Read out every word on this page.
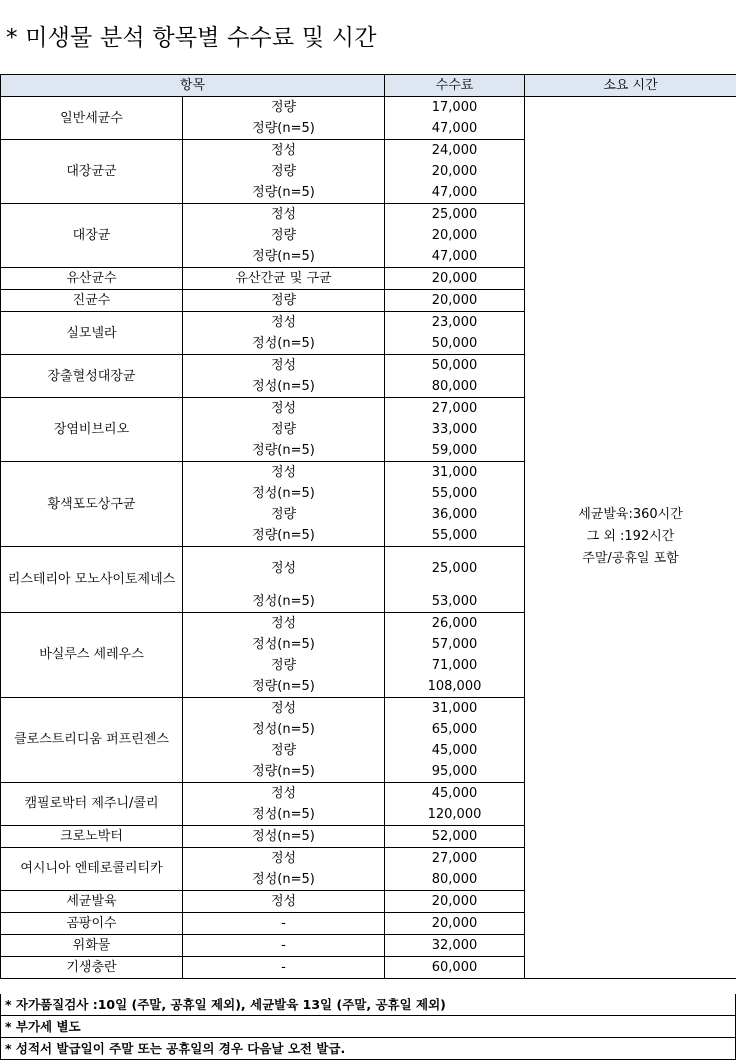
* 미생물 분석 항목별 수수료 및 시간
항목		수수료	소요 시간
일반세균수	정량	17,000	세균발육:360시간
그 외 :192시간
주말/공휴일 포함

	정량(n=5)	47,000	
대장균군	정성	24,000	
	정량	20,000	
	정량(n=5)	47,000	
대장균	정성	25,000	
	정량	20,000	
	정량(n=5)	47,000	
유산균수	유산간균 및 구균	20,000	
진균수	정량	20,000	
실모넬라	정성	23,000	
	정성(n=5)	50,000	
장출혈성대장균	정성	50,000	
	정성(n=5)	80,000	
장염비브리오	정성	27,000	
	정량	33,000	
	정량(n=5)	59,000	
황색포도상구균	정성	31,000	
	정성(n=5)	55,000	
	정량	36,000	
	정량(n=5)	55,000	
리스테리아 모노사이토제네스	정성	25,000	
	정성(n=5)	53,000	
바실루스 세레우스	정성	26,000	
	정성(n=5)	57,000	
	정량	71,000	
	정량(n=5)	108,000	
클로스트리디움 퍼프린젠스	정성	31,000	
	정성(n=5)	65,000	
	정량	45,000	
	정량(n=5)	95,000	
캠필로박터 제주니/콜리	정성	45,000	
	정성(n=5)	120,000	
크로노박터	정성(n=5)	52,000	
여시니아 엔테로콜리티카	정성	27,000	
	정성(n=5)	80,000	
세균발육	정성	20,000	
곰팡이수	-	20,000	
위화물	-	32,000	
기생충란	-	60,000	
* 자가품질검사 :10일 (주말, 공휴일 제외), 세균발육 13일 (주말, 공휴일 제외)
* 부가세 별도
* 성적서 발급일이 주말 또는 공휴일의 경우 다음날 오전 발급.
